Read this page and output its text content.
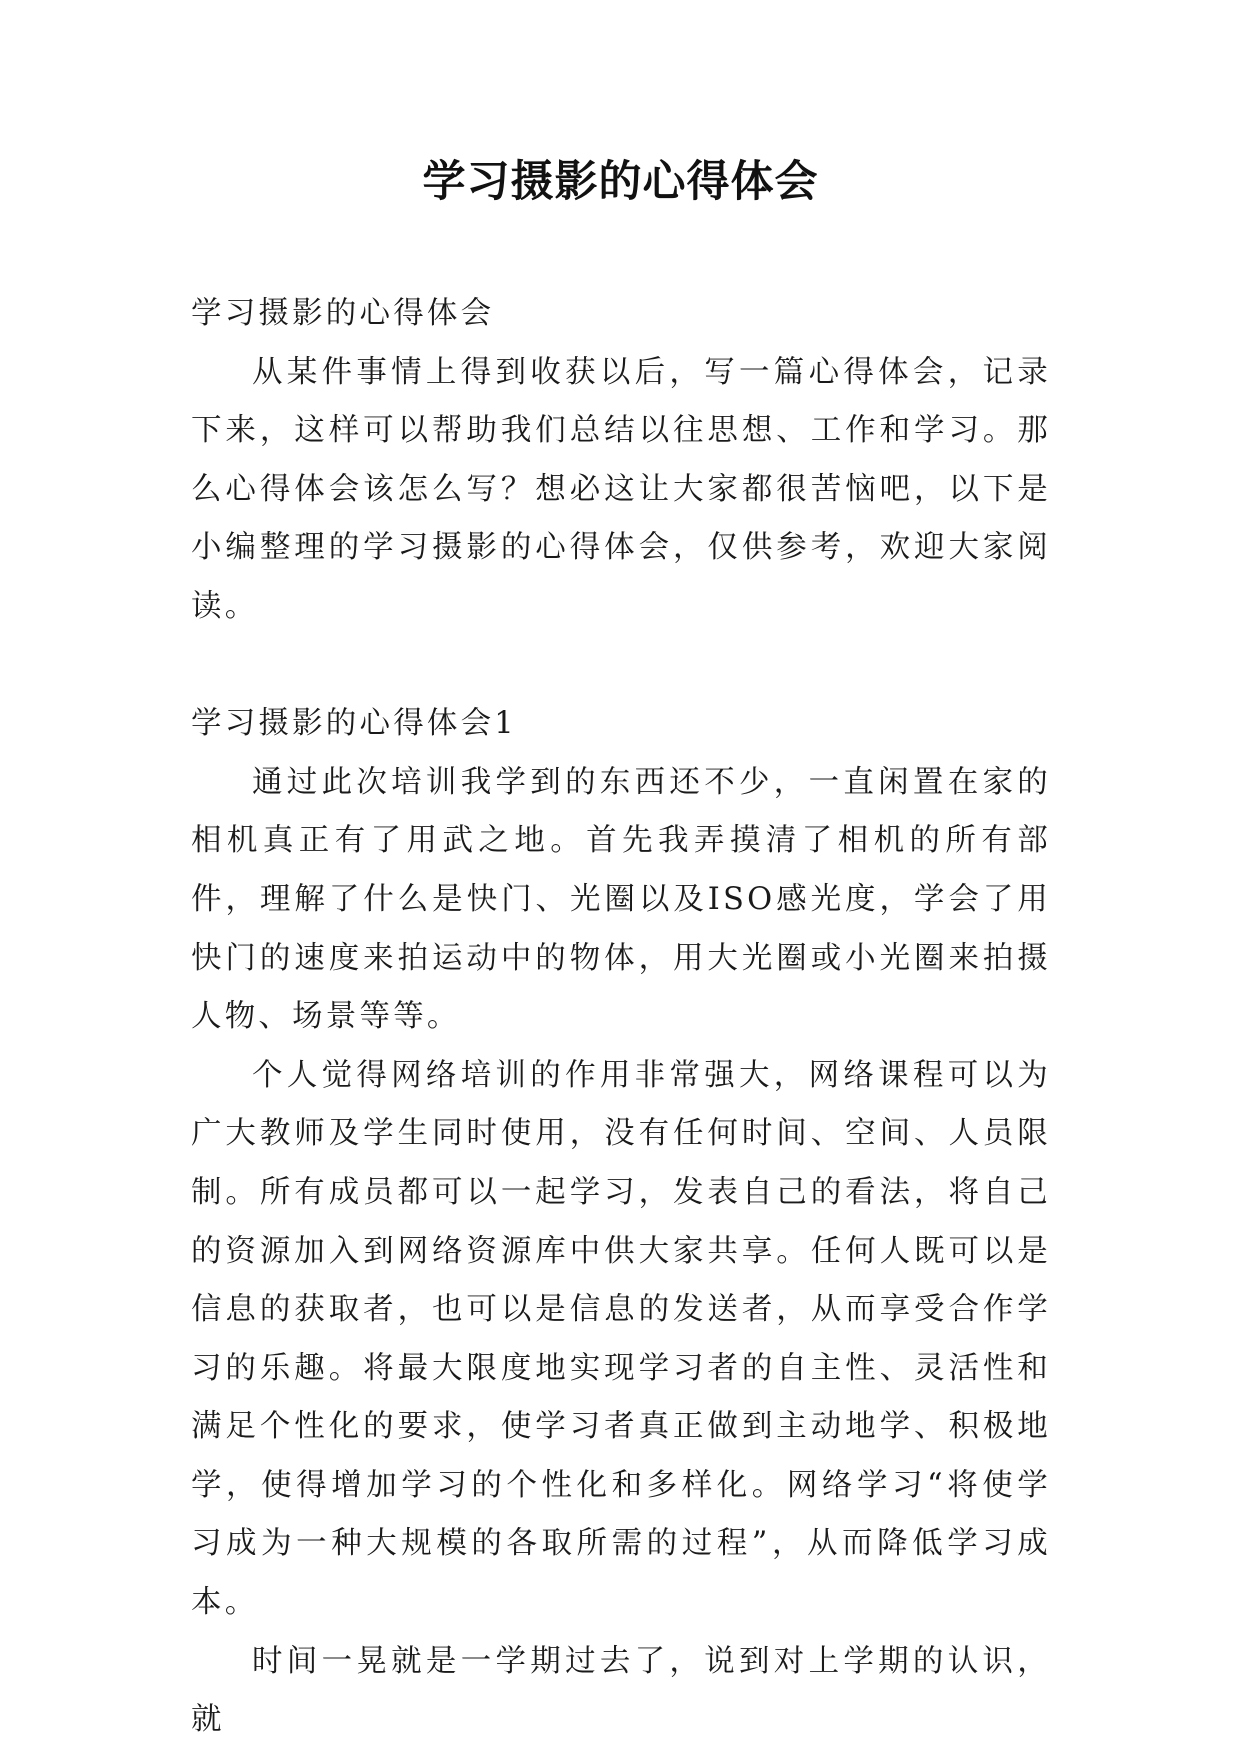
学习摄影的心得体会

学习摄影的心得体会

从某件事情上得到收获以后，写一篇心得体会，记录下来，这样可以帮助我们总结以往思想、工作和学习。那么心得体会该怎么写？想必这让大家都很苦恼吧，以下是小编整理的学习摄影的心得体会，仅供参考，欢迎大家阅读。

学习摄影的心得体会1

通过此次培训我学到的东西还不少，一直闲置在家的相机真正有了用武之地。首先我弄摸清了相机的所有部件，理解了什么是快门、光圈以及ISO感光度，学会了用快门的速度来拍运动中的物体，用大光圈或小光圈来拍摄人物、场景等等。

个人觉得网络培训的作用非常强大，网络课程可以为广大教师及学生同时使用，没有任何时间、空间、人员限制。所有成员都可以一起学习，发表自己的看法，将自己的资源加入到网络资源库中供大家共享。任何人既可以是信息的获取者，也可以是信息的发送者，从而享受合作学习的乐趣。将最大限度地实现学习者的自主性、灵活性和满足个性化的要求，使学习者真正做到主动地学、积极地学，使得增加学习的个性化和多样化。网络学习“将使学习成为一种大规模的各取所需的过程”，从而降低学习成本。

时间一晃就是一学期过去了，说到对上学期的认识，就
